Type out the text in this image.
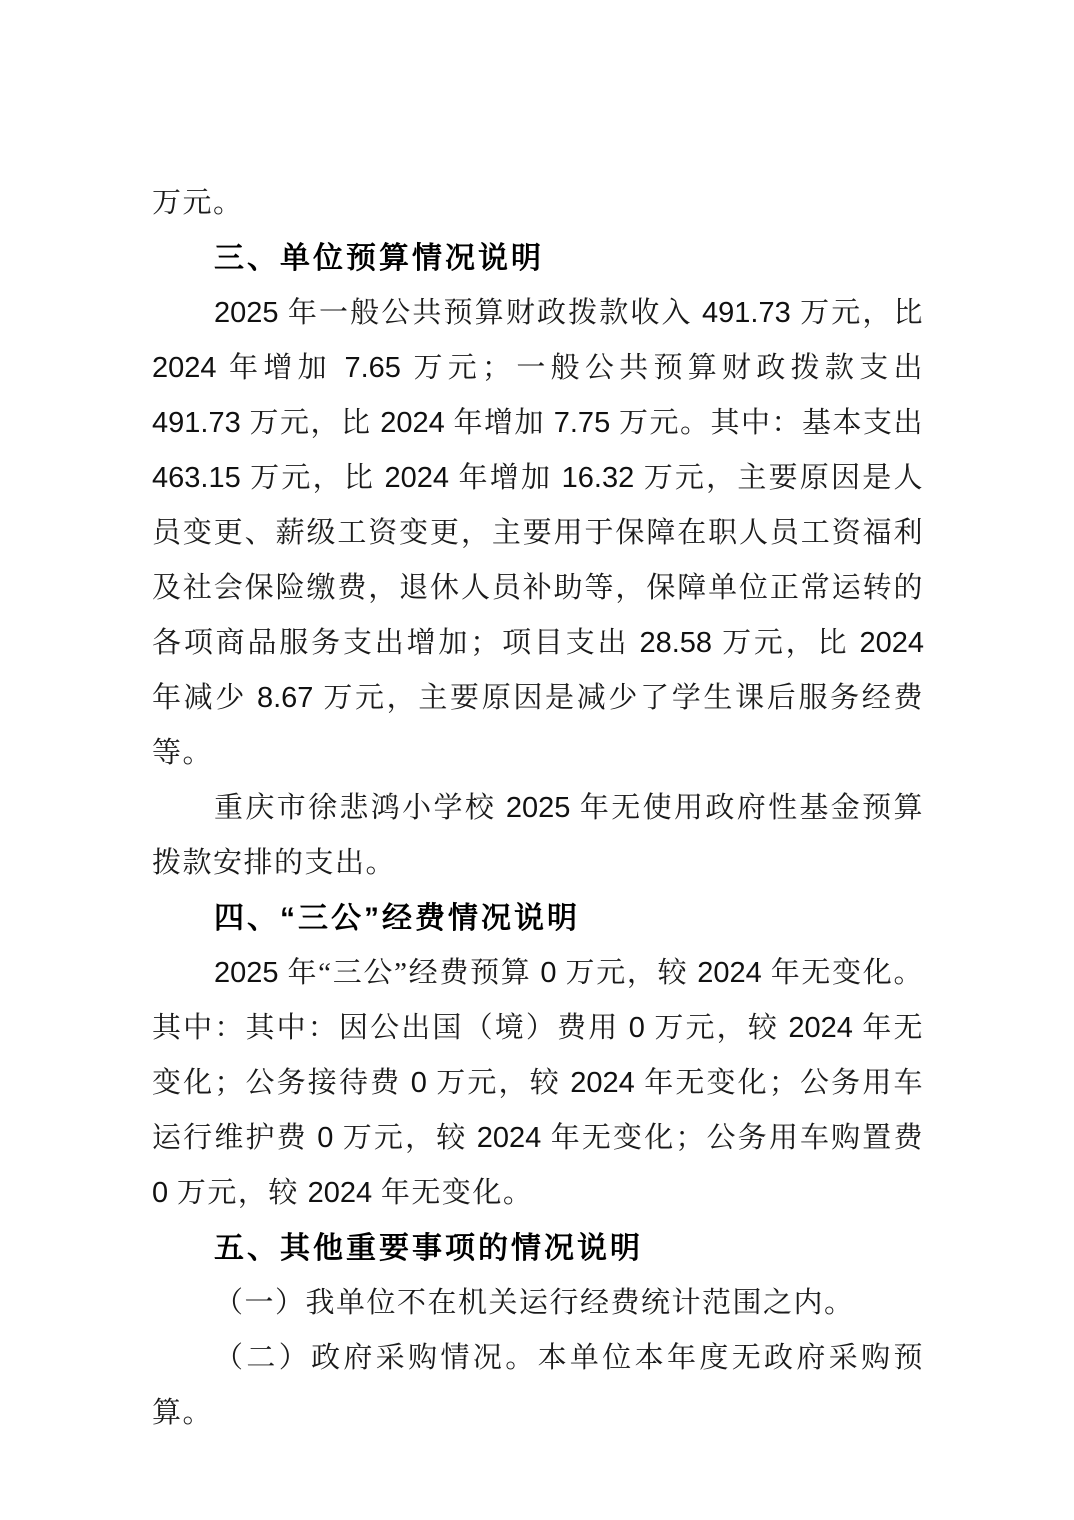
万元。

三、单位预算情况说明

2025 年一般公共预算财政拨款收入 491.73 万元，比 2024 年增加 7.65 万元；一般公共预算财政拨款支出 491.73 万元，比 2024 年增加 7.75 万元。其中：基本支出 463.15 万元，比 2024 年增加 16.32 万元，主要原因是人员变更、薪级工资变更，主要用于保障在职人员工资福利及社会保险缴费，退休人员补助等，保障单位正常运转的各项商品服务支出增加；项目支出 28.58 万元，比 2024 年减少 8.67 万元，主要原因是减少了学生课后服务经费等。

重庆市徐悲鸿小学校 2025 年无使用政府性基金预算拨款安排的支出。

四、“三公”经费情况说明

2025 年“三公”经费预算 0 万元，较 2024 年无变化。其中：其中：因公出国（境）费用 0 万元，较 2024 年无变化；公务接待费 0 万元，较 2024 年无变化；公务用车运行维护费 0 万元，较 2024 年无变化；公务用车购置费 0 万元，较 2024 年无变化。

五、其他重要事项的情况说明

（一）我单位不在机关运行经费统计范围之内。

（二）政府采购情况。本单位本年度无政府采购预算。
